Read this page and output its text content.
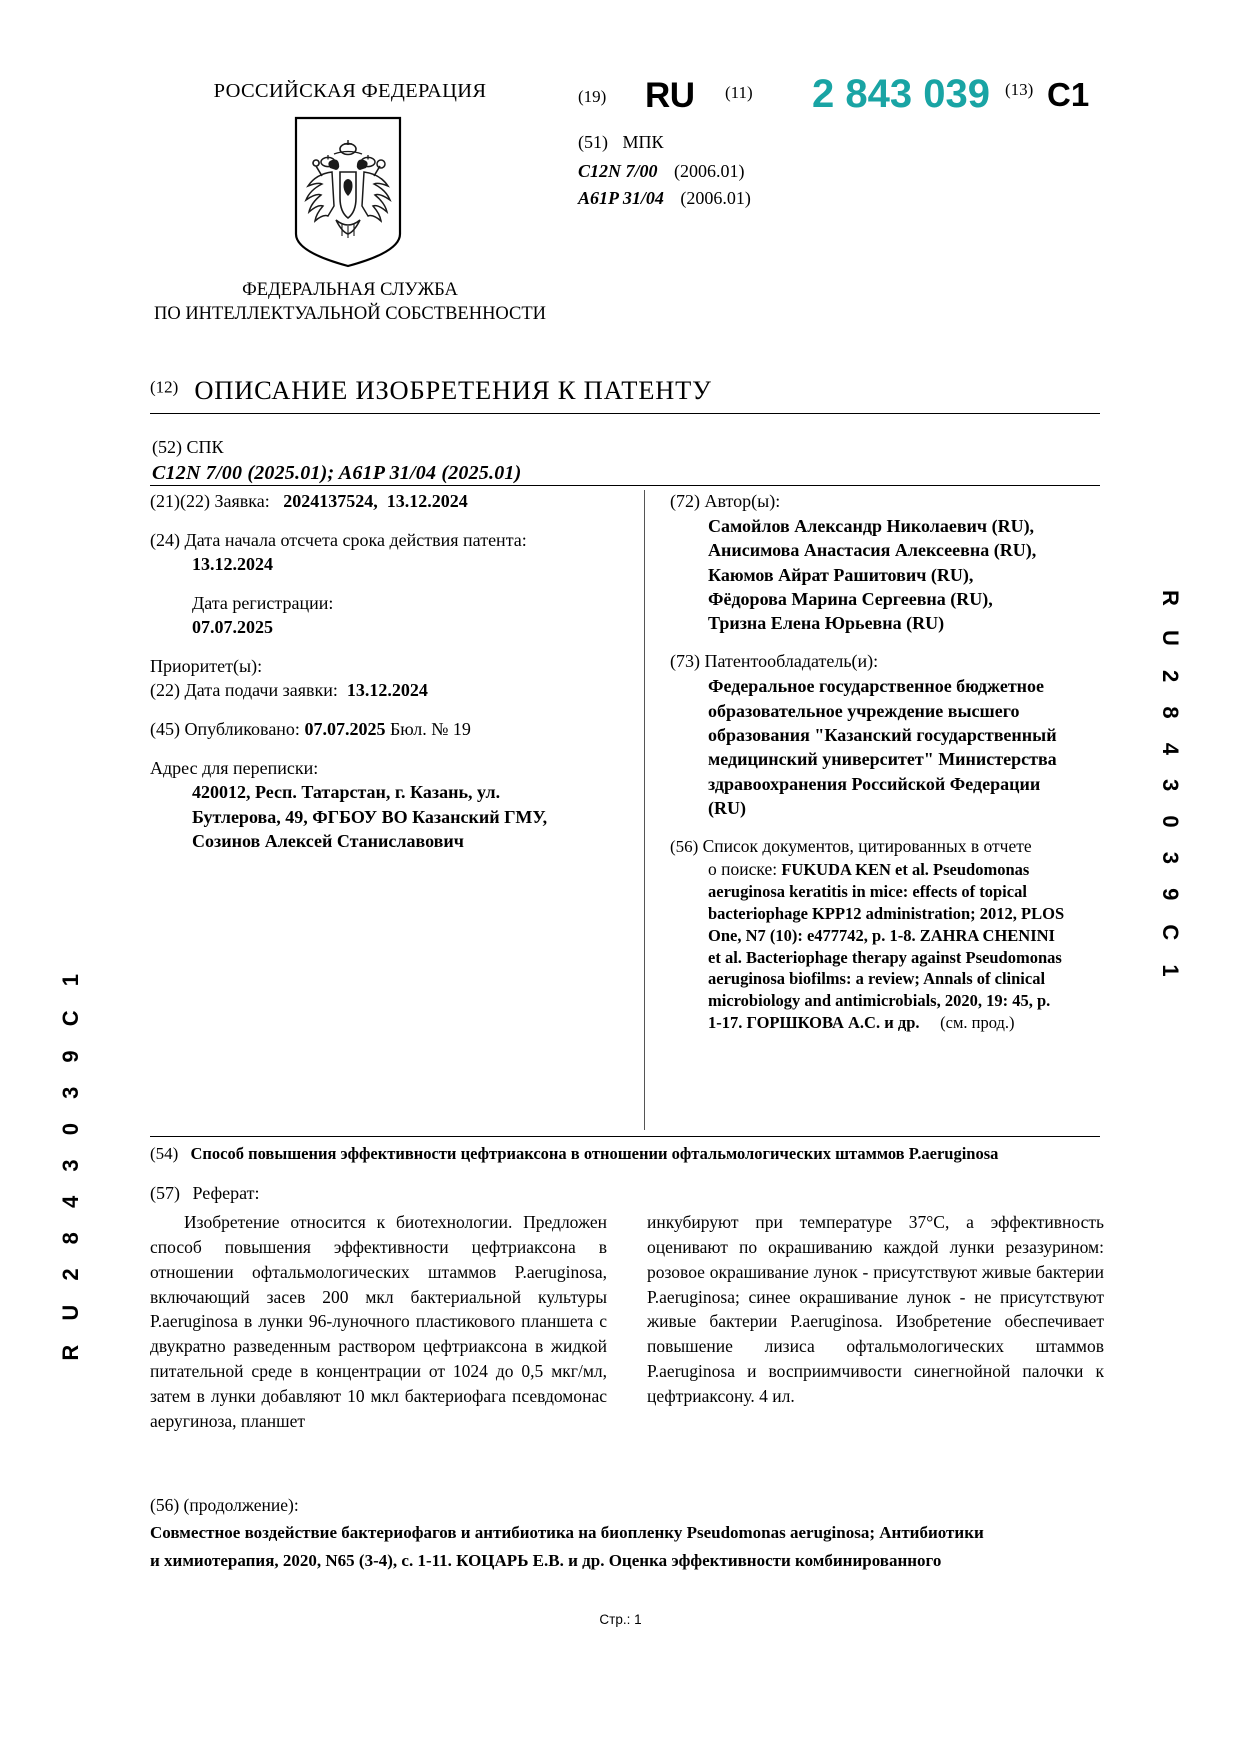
R U 2 8 4 3 0 3 9 C 1
R U 2 8 4 3 0 3 9 C 1
РОССИЙСКАЯ ФЕДЕРАЦИЯ
ФЕДЕРАЛЬНАЯ СЛУЖБА
ПО ИНТЕЛЛЕКТУАЛЬНОЙ СОБСТВЕННОСТИ
(19) RU (11) 2 843 039 (13) C1
(51) МПК
C12N 7/00 (2006.01)
A61P 31/04 (2006.01)
(12) ОПИСАНИЕ ИЗОБРЕТЕНИЯ К ПАТЕНТУ
(52) СПК
C12N 7/00 (2025.01); A61P 31/04 (2025.01)
(21)(22) Заявка: 2024137524, 13.12.2024
(24) Дата начала отсчета срока действия патента:
13.12.2024
Дата регистрации:
07.07.2025
Приоритет(ы):
(22) Дата подачи заявки: 13.12.2024
(45) Опубликовано: 07.07.2025 Бюл. № 19
Адрес для переписки:
420012, Респ. Татарстан, г. Казань, ул.
Бутлерова, 49, ФГБОУ ВО Казанский ГМУ,
Созинов Алексей Станиславович
(72) Автор(ы):
Самойлов Александр Николаевич (RU),
Анисимова Анастасия Алексеевна (RU),
Каюмов Айрат Рашитович (RU),
Фёдорова Марина Сергеевна (RU),
Тризна Елена Юрьевна (RU)
(73) Патентообладатель(и):
Федеральное государственное бюджетное
образовательное учреждение высшего
образования "Казанский государственный
медицинский университет" Министерства
здравоохранения Российской Федерации
(RU)
(56) Список документов, цитированных в отчете
о поиске: FUKUDA KEN et al. Pseudomonas
aeruginosa keratitis in mice: effects of topical
bacteriophage KPP12 administration; 2012, PLOS
One, N7 (10): e477742, p. 1-8. ZAHRA CHENINI
et al. Bacteriophage therapy against Pseudomonas
aeruginosa biofilms: a review; Annals of clinical
microbiology and antimicrobials, 2020, 19: 45, p.
1-17. ГОРШКОВА А.С. и др. (см. прод.)
(54) Способ повышения эффективности цефтриаксона в отношении офтальмологических штаммов P.aeruginosa
(57) Реферат:

Изобретение относится к биотехнологии. Предложен способ повышения эффективности цефтриаксона в отношении офтальмологических штаммов P.aeruginosa, включающий засев 200 мкл бактериальной культуры P.aeruginosa в лунки 96-луночного пластикового планшета с двукратно разведенным раствором цефтриаксона в жидкой питательной среде в концентрации от 1024 до 0,5 мкг/мл, затем в лунки добавляют 10 мкл бактериофага псевдомонас аеругиноза, планшет

инкубируют при температуре 37°C, а эффективность оценивают по окрашиванию каждой лунки резазурином: розовое окрашивание лунок - присутствуют живые бактерии P.aeruginosa; синее окрашивание лунок - не присутствуют живые бактерии P.aeruginosa. Изобретение обеспечивает повышение лизиса офтальмологических штаммов P.aeruginosa и восприимчивости синегнойной палочки к цефтриаксону. 4 ил.

(56) (продолжение):
Совместное воздействие бактериофагов и антибиотика на биопленку Pseudomonas aeruginosa; Антибиотики
и химиотерапия, 2020, N65 (3-4), с. 1-11. КОЦАРЬ Е.В. и др. Оценка эффективности комбинированного
Стр.: 1
